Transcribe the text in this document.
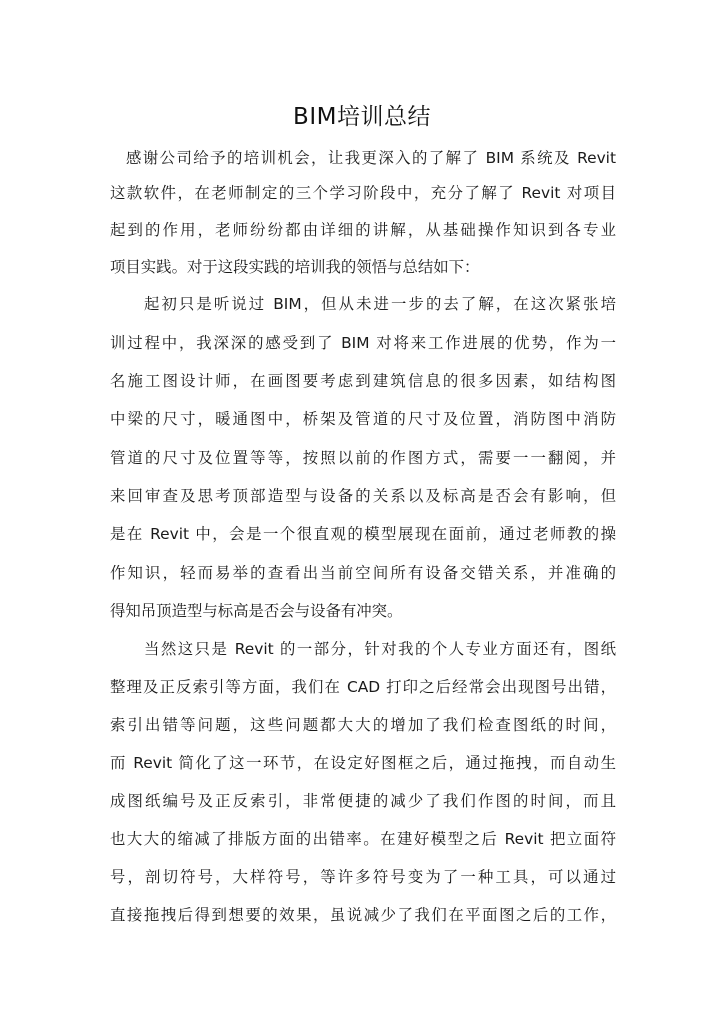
BIM培训总结
感谢公司给予的培训机会，让我更深入的了解了 BIM 系统及 Revit
这款软件，在老师制定的三个学习阶段中，充分了解了 Revit 对项目
起到的作用，老师纷纷都由详细的讲解，从基础操作知识到各专业
项目实践。对于这段实践的培训我的领悟与总结如下：
起初只是听说过 BIM，但从未进一步的去了解，在这次紧张培
训过程中，我深深的感受到了 BIM 对将来工作进展的优势，作为一
名施工图设计师，在画图要考虑到建筑信息的很多因素，如结构图
中梁的尺寸，暖通图中，桥架及管道的尺寸及位置，消防图中消防
管道的尺寸及位置等等，按照以前的作图方式，需要一一翻阅，并
来回审查及思考顶部造型与设备的关系以及标高是否会有影响，但
是在 Revit 中，会是一个很直观的模型展现在面前，通过老师教的操
作知识，轻而易举的查看出当前空间所有设备交错关系，并准确的
得知吊顶造型与标高是否会与设备有冲突。
当然这只是 Revit 的一部分，针对我的个人专业方面还有，图纸
整理及正反索引等方面，我们在 CAD 打印之后经常会出现图号出错，
索引出错等问题，这些问题都大大的增加了我们检查图纸的时间，
而 Revit 简化了这一环节，在设定好图框之后，通过拖拽，而自动生
成图纸编号及正反索引，非常便捷的减少了我们作图的时间，而且
也大大的缩减了排版方面的出错率。在建好模型之后 Revit 把立面符
号，剖切符号，大样符号，等许多符号变为了一种工具，可以通过
直接拖拽后得到想要的效果，虽说减少了我们在平面图之后的工作，
